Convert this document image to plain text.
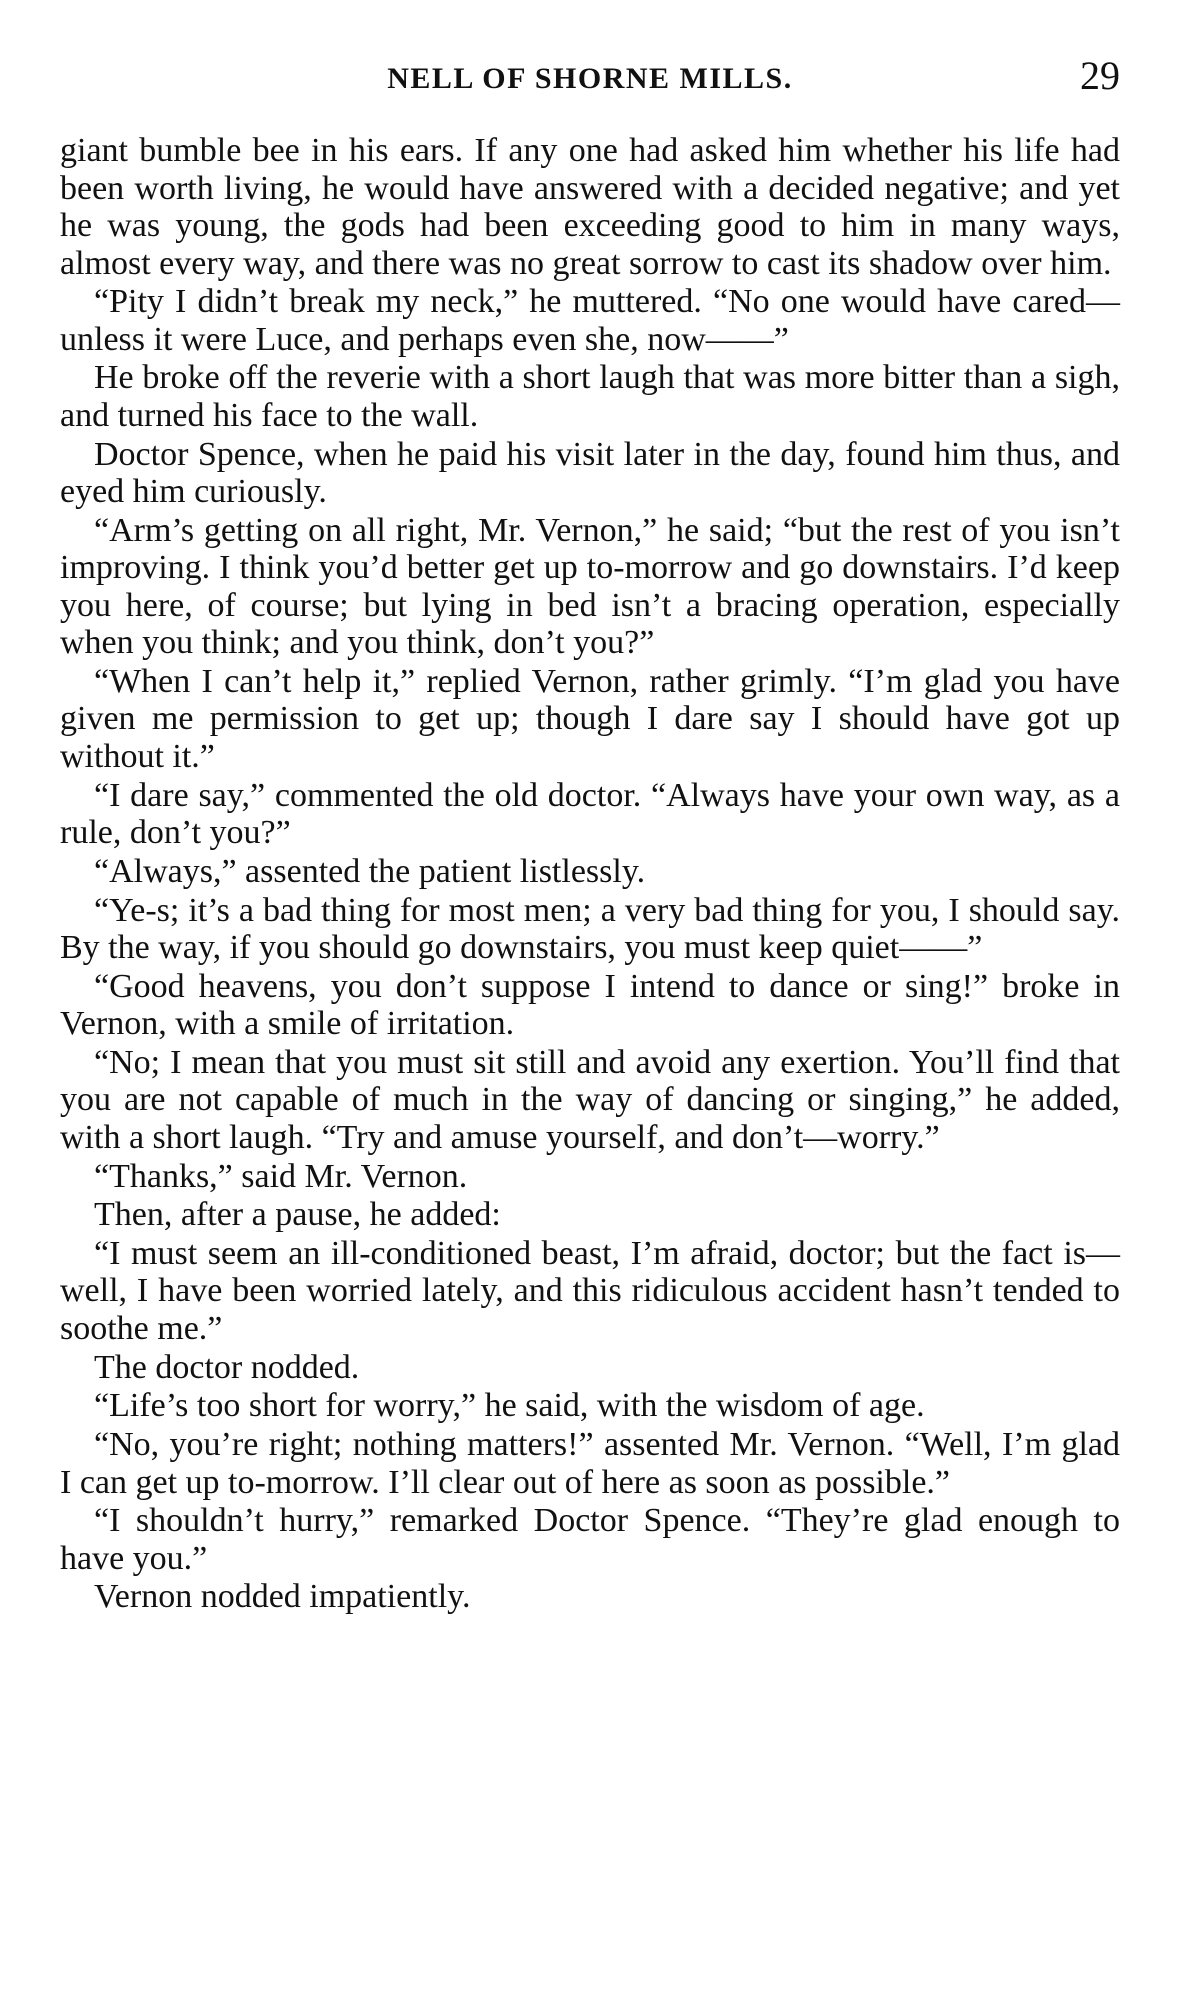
NELL OF SHORNE MILLS.	29

giant bumble bee in his ears. If any one had asked him whether his life had been worth living, he would have answered with a decided negative; and yet he was young, the gods had been exceeding good to him in many ways, almost every way, and there was no great sorrow to cast its shadow over him.

“Pity I didn’t break my neck,” he muttered. “No one would have cared—unless it were Luce, and perhaps even she, now——”

He broke off the reverie with a short laugh that was more bitter than a sigh, and turned his face to the wall.

Doctor Spence, when he paid his visit later in the day, found him thus, and eyed him curiously.

“Arm’s getting on all right, Mr. Vernon,” he said; “but the rest of you isn’t improving. I think you’d better get up to-morrow and go downstairs. I’d keep you here, of course; but lying in bed isn’t a bracing operation, especially when you think; and you think, don’t you?”

“When I can’t help it,” replied Vernon, rather grimly. “I’m glad you have given me permission to get up; though I dare say I should have got up without it.”

“I dare say,” commented the old doctor. “Always have your own way, as a rule, don’t you?”

“Always,” assented the patient listlessly.

“Ye-s; it’s a bad thing for most men; a very bad thing for you, I should say. By the way, if you should go downstairs, you must keep quiet——”

“Good heavens, you don’t suppose I intend to dance or sing!” broke in Vernon, with a smile of irritation.

“No; I mean that you must sit still and avoid any exertion. You’ll find that you are not capable of much in the way of dancing or singing,” he added, with a short laugh. “Try and amuse yourself, and don’t—worry.”

“Thanks,” said Mr. Vernon.

Then, after a pause, he added:

“I must seem an ill-conditioned beast, I’m afraid, doctor; but the fact is—well, I have been worried lately, and this ridiculous accident hasn’t tended to soothe me.”

The doctor nodded.

“Life’s too short for worry,” he said, with the wisdom of age.

“No, you’re right; nothing matters!” assented Mr. Vernon. “Well, I’m glad I can get up to-morrow. I’ll clear out of here as soon as possible.”

“I shouldn’t hurry,” remarked Doctor Spence. “They’re glad enough to have you.”

Vernon nodded impatiently.
